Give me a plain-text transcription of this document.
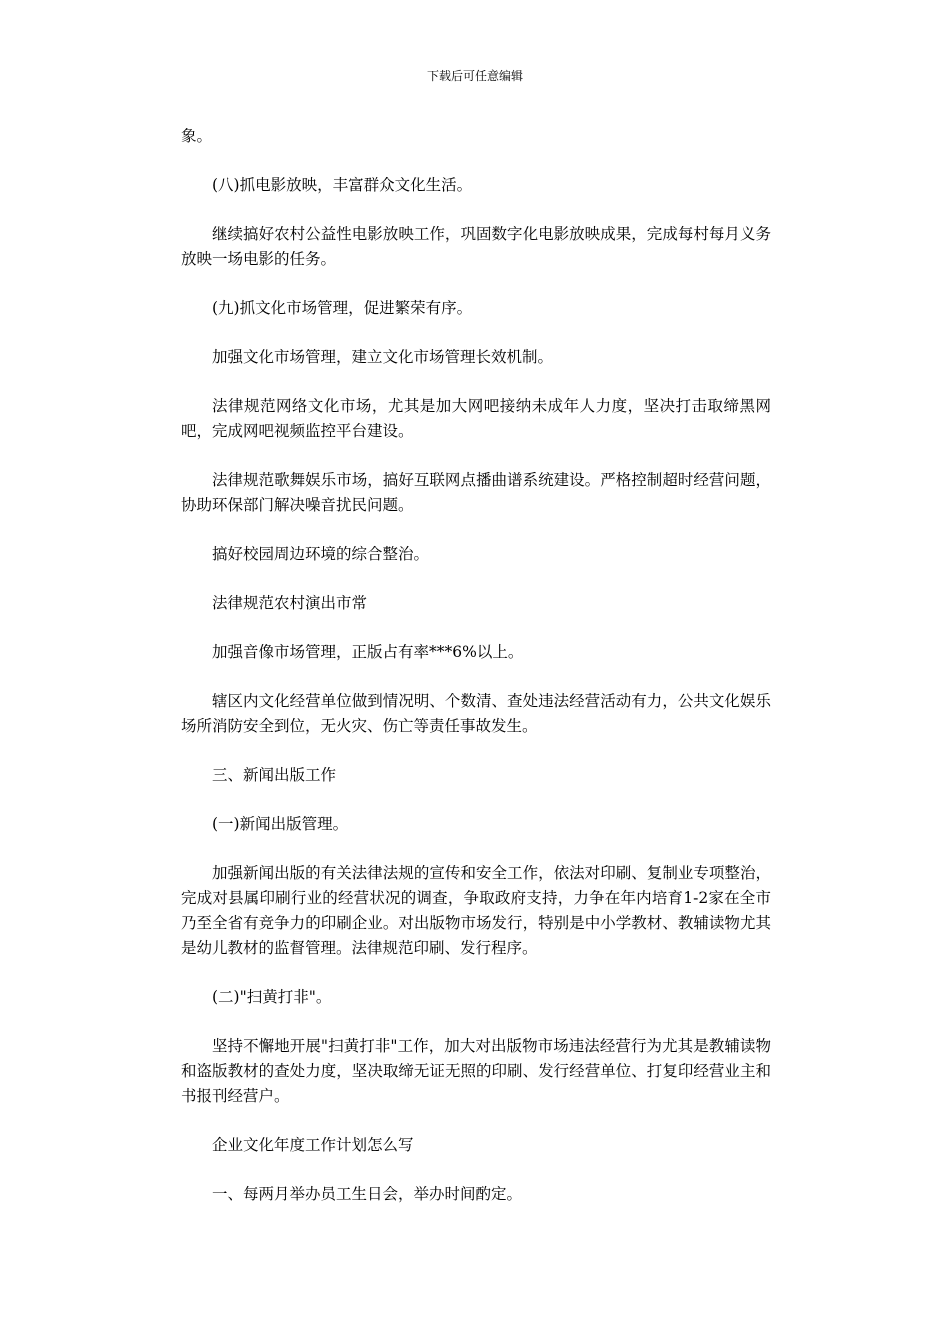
下载后可任意编辑

象。

(八)抓电影放映，丰富群众文化生活。

继续搞好农村公益性电影放映工作，巩固数字化电影放映成果，完成每村每月义务放映一场电影的任务。

(九)抓文化市场管理，促进繁荣有序。

加强文化市场管理，建立文化市场管理长效机制。

法律规范网络文化市场，尤其是加大网吧接纳未成年人力度，坚决打击取缔黑网吧，完成网吧视频监控平台建设。

法律规范歌舞娱乐市场，搞好互联网点播曲谱系统建设。严格控制超时经营问题，协助环保部门解决噪音扰民问题。

搞好校园周边环境的综合整治。

法律规范农村演出市常

加强音像市场管理，正版占有率***6%以上。

辖区内文化经营单位做到情况明、个数清、查处违法经营活动有力，公共文化娱乐场所消防安全到位，无火灾、伤亡等责任事故发生。

三、新闻出版工作

(一)新闻出版管理。

加强新闻出版的有关法律法规的宣传和安全工作，依法对印刷、复制业专项整治，完成对县属印刷行业的经营状况的调查，争取政府支持，力争在年内培育1-2家在全市乃至全省有竞争力的印刷企业。对出版物市场发行，特别是中小学教材、教辅读物尤其是幼儿教材的监督管理。法律规范印刷、发行程序。

(二)"扫黄打非"。

坚持不懈地开展"扫黄打非"工作，加大对出版物市场违法经营行为尤其是教辅读物和盗版教材的查处力度，坚决取缔无证无照的印刷、发行经营单位、打复印经营业主和书报刊经营户。

企业文化年度工作计划怎么写

一、每两月举办员工生日会，举办时间酌定。
